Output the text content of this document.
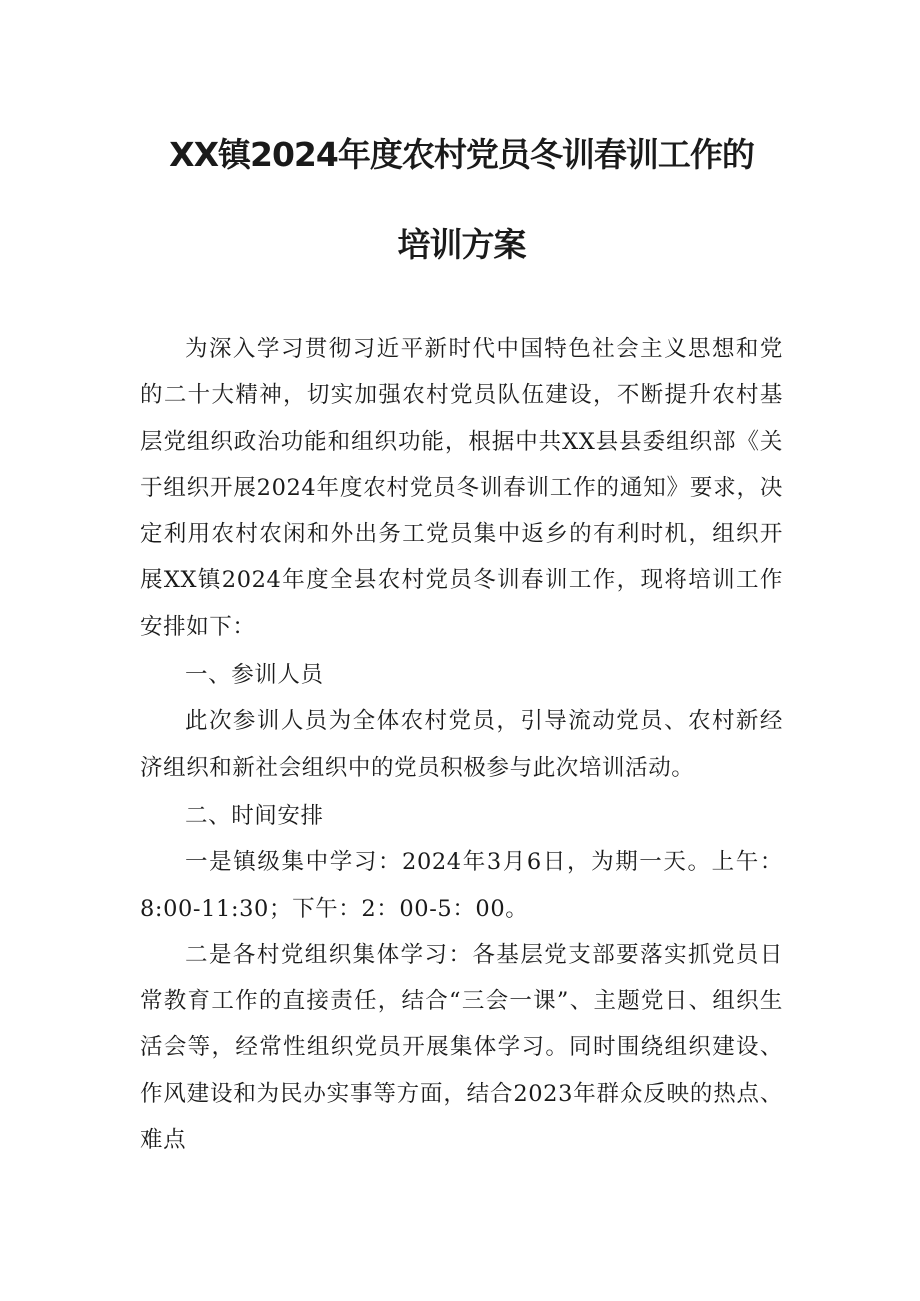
XX镇2024年度农村党员冬训春训工作的
培训方案

为深入学习贯彻习近平新时代中国特色社会主义思想和党的二十大精神，切实加强农村党员队伍建设，不断提升农村基层党组织政治功能和组织功能，根据中共XX县县委组织部《关于组织开展2024年度农村党员冬训春训工作的通知》要求，决定利用农村农闲和外出务工党员集中返乡的有利时机，组织开展XX镇2024年度全县农村党员冬训春训工作，现将培训工作安排如下：

一、参训人员

此次参训人员为全体农村党员，引导流动党员、农村新经济组织和新社会组织中的党员积极参与此次培训活动。

二、时间安排

一是镇级集中学习：2024年3月6日，为期一天。上午：8:00-11:30；下午：2：00-5：00。

二是各村党组织集体学习：各基层党支部要落实抓党员日常教育工作的直接责任，结合“三会一课”、主题党日、组织生活会等，经常性组织党员开展集体学习。同时围绕组织建设、作风建设和为民办实事等方面，结合2023年群众反映的热点、难点
